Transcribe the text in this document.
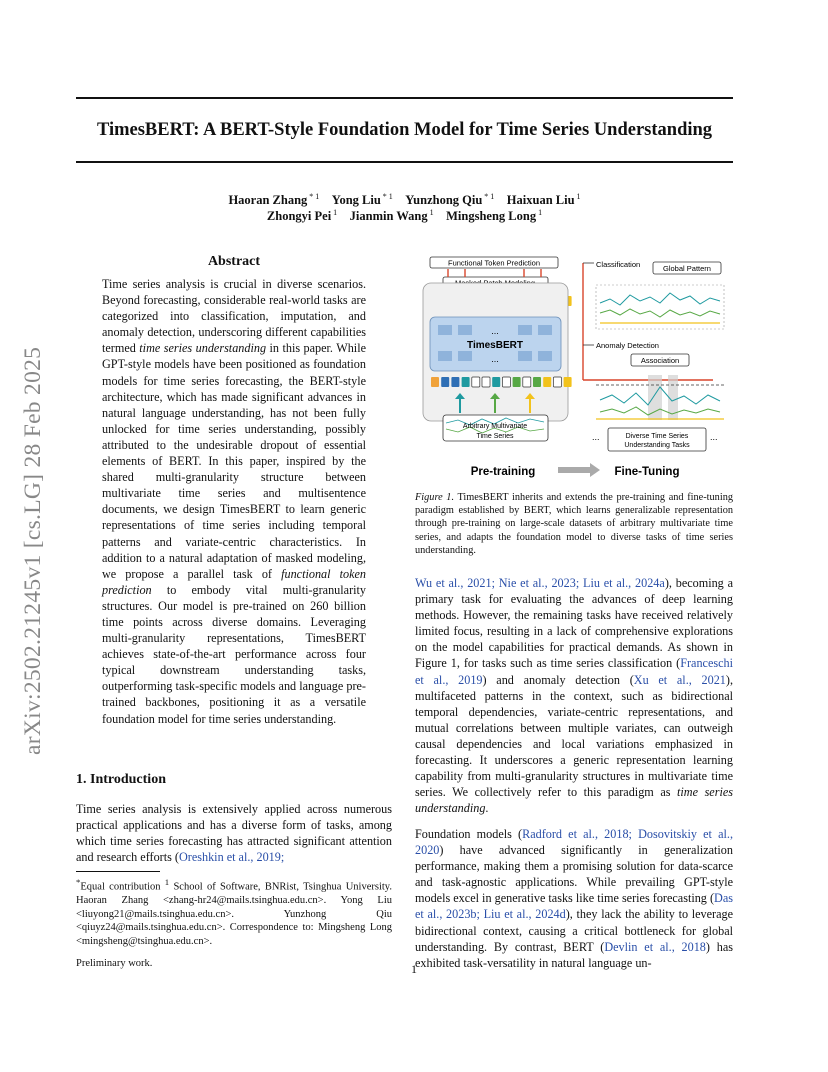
TimesBERT: A BERT-Style Foundation Model for Time Series Understanding
Haoran Zhang $^{* 1}$  Yong Liu $^{* 1}$  Yunzhong Qiu $^{* 1}$  Haixuan Liu $^1$
Zhongyi Pei $^1$  Jianmin Wang $^1$  Mingsheng Long $^1$
arXiv:2502.21245v1 [cs.LG] 28 Feb 2025
Abstract

Time series analysis is crucial in diverse scenarios. Beyond forecasting, considerable real-world tasks are categorized into classification, imputation, and anomaly detection, underscoring different capabilities termed time series understanding in this paper. While GPT-style models have been positioned as foundation models for time series forecasting, the BERT-style architecture, which has made significant advances in natural language understanding, has not been fully unlocked for time series understanding, possibly attributed to the undesirable dropout of essential elements of BERT. In this paper, inspired by the shared multi-granularity structure between multivariate time series and multisentence documents, we design TimesBERT to learn generic representations of time series including temporal patterns and variate-centric characteristics. In addition to a natural adaptation of masked modeling, we propose a parallel task of functional token prediction to embody vital multi-granularity structures. Our model is pre-trained on 260 billion time points across diverse domains. Leveraging multi-granularity representations, TimesBERT achieves state-of-the-art performance across four typical downstream understanding tasks, outperforming task-specific models and language pre-trained backbones, positioning it as a versatile foundation model for time series understanding.

1. Introduction

Time series analysis is extensively applied across numerous practical applications and has a diverse form of tasks, among which time series forecasting has attracted significant attention and research efforts (Oreshkin et al., 2019;

*Equal contribution $^1$ School of Software, BNRist, Tsinghua University. Haoran Zhang <zhang-hr24@mails.tsinghua.edu.cn>. Yong Liu <liuyong21@mails.tsinghua.edu.cn>. Yunzhong Qiu <qiuyz24@mails.tsinghua.edu.cn>. Correspondence to: Mingsheng Long <mingsheng@tsinghua.edu.cn>.
Preliminary work.
Functional Token Prediction
...
TimesBERT
...
Arbitrary Multivariate
Time Series
Classification	Global Pattern
Anomaly Detection
Association
...	Diverse Time Series
Understanding Tasks
...
Pre-training	Fine-Tuning
Figure 1. TimesBERT inherits and extends the pre-training and fine-tuning paradigm established by BERT, which learns generalizable representation through pre-training on large-scale datasets of arbitrary multivariate time series, and adapts the foundation model to diverse tasks of time series understanding.

Wu et al., 2021; Nie et al., 2023; Liu et al., 2024a), becoming a primary task for evaluating the advances of deep learning methods. However, the remaining tasks have received relatively limited focus, resulting in a lack of comprehensive explorations on the model capabilities for practical demands. As shown in Figure 1, for tasks such as time series classification (Franceschi et al., 2019) and anomaly detection (Xu et al., 2021), multifaceted patterns in the context, such as bidirectional temporal dependencies, variate-centric representations, and mutual correlations between multiple variates, can outweigh causal dependencies and local variations emphasized in forecasting. It underscores a generic representation learning capability from multi-granularity structures in multivariate time series. We collectively refer to this paradigm as time series understanding.

Foundation models (Radford et al., 2018; Dosovitskiy et al., 2020) have advanced significantly in generalization performance, making them a promising solution for data-scarce and task-agnostic applications. While prevailing GPT-style models excel in generative tasks like time series forecasting (Das et al., 2023b; Liu et al., 2024d), they lack the ability to leverage bidirectional context, causing a critical bottleneck for global understanding. By contrast, BERT (Devlin et al., 2018) has exhibited task-versatility in natural language un-

1
